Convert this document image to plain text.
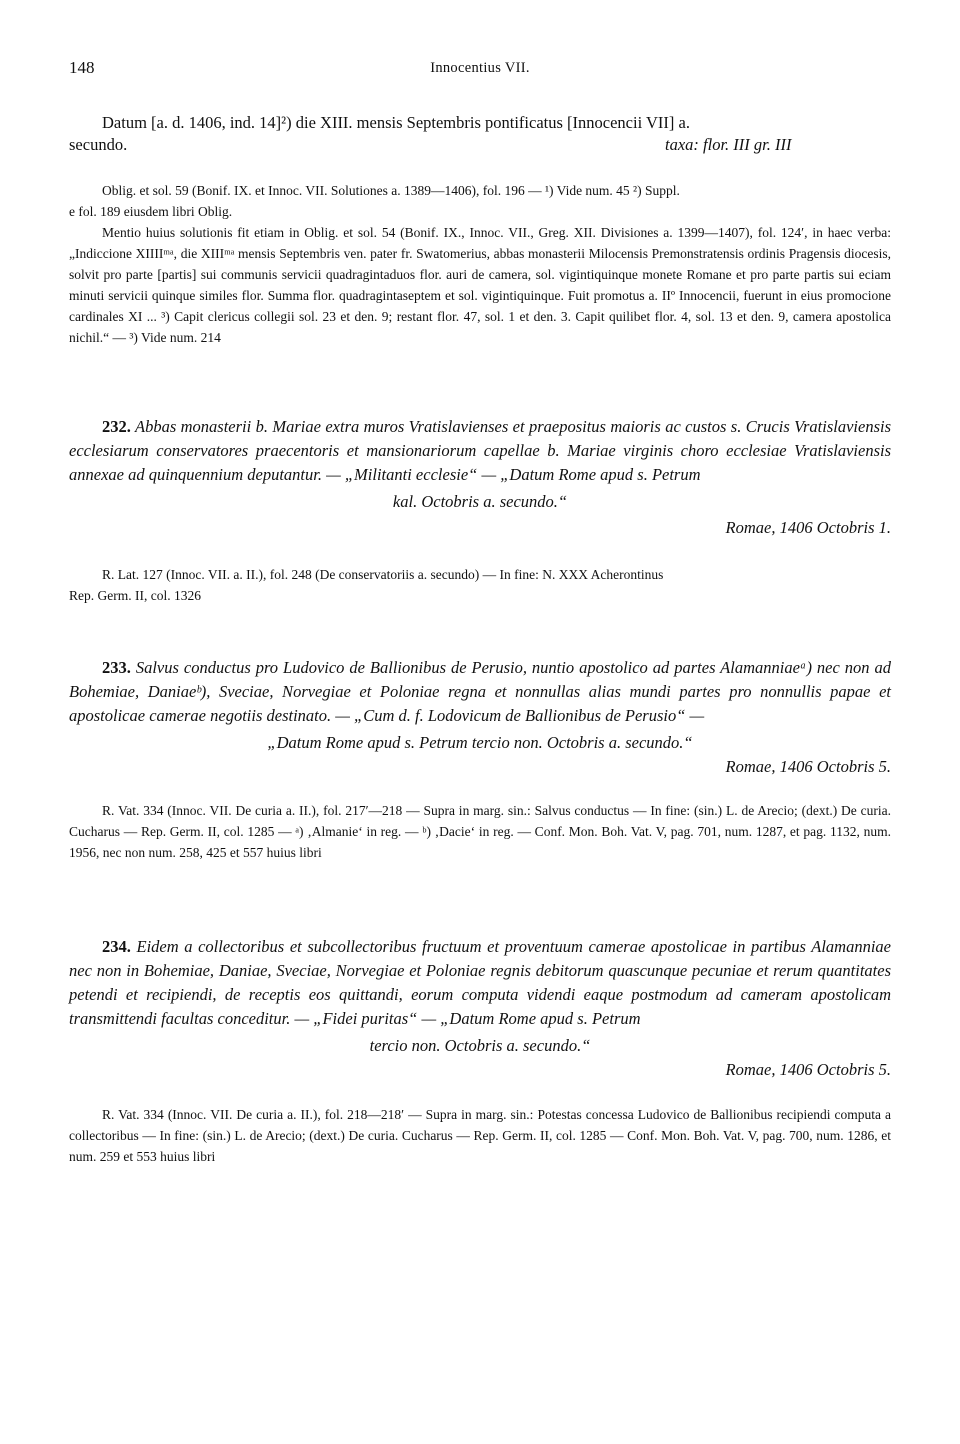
148	Innocentius VII.
Datum [a. d. 1406, ind. 14]²) die XIII. mensis Septembris pontificatus [Innocencii VII] a.
secundo.	taxa: flor. III gr. III
Oblig. et sol. 59 (Bonif. IX. et Innoc. VII. Solutiones a. 1389—1406), fol. 196 — ¹) Vide num. 45 ²) Suppl.
e fol. 189 eiusdem libri Oblig.
Mentio huius solutionis fit etiam in Oblig. et sol. 54 (Bonif. IX., Innoc. VII., Greg. XII. Divisiones a. 1399—1407), fol. 124′, in haec verba: „Indiccione XIIIIᵐᵃ, die XIIIᵐᵃ mensis Septembris ven. pater fr. Swatomerius, abbas monasterii Milocensis Premonstratensis ordinis Pragensis diocesis, solvit pro parte [partis] sui communis servicii quadragintaduos flor. auri de camera, sol. vigintiquinque monete Romane et pro parte partis sui eciam minuti servicii quinque similes flor. Summa flor. quadragintaseptem et sol. vigintiquinque. Fuit promotus a. IIº Innocencii, fuerunt in eius promocione cardinales XI ... ³) Capit clericus collegii sol. 23 et den. 9; restant flor. 47, sol. 1 et den. 3. Capit quilibet flor. 4, sol. 13 et den. 9, camera apostolica nichil.“ — ³) Vide num. 214

232. Abbas monasterii b. Mariae extra muros Vratislavienses et praepositus maioris ac custos s. Crucis Vratislaviensis ecclesiarum conservatores praecentoris et mansionariorum capellae b. Mariae virginis choro ecclesiae Vratislaviensis annexae ad quinquennium deputantur. — „Militanti ecclesie“ — „Datum Rome apud s. Petrum

kal. Octobris a. secundo.“
Romae, 1406 Octobris 1.
R. Lat. 127 (Innoc. VII. a. II.), fol. 248 (De conservatoriis a. secundo) — In fine: N. XXX Acherontinus
Rep. Germ. II, col. 1326

233. Salvus conductus pro Ludovico de Ballionibus de Perusio, nuntio apostolico ad partes Alamanniaeᵃ) nec non ad Bohemiae, Daniaeᵇ), Sveciae, Norvegiae et Poloniae regna et nonnullas alias mundi partes pro nonnullis papae et apostolicae camerae negotiis destinato. — „Cum d. f. Lodovicum de Ballionibus de Perusio“ —

„Datum Rome apud s. Petrum tercio non. Octobris a. secundo.“
Romae, 1406 Octobris 5.
R. Vat. 334 (Innoc. VII. De curia a. II.), fol. 217′—218 — Supra in marg. sin.: Salvus conductus — In fine: (sin.) L. de Arecio; (dext.) De curia. Cucharus — Rep. Germ. II, col. 1285 — ᵃ) ‚Almanie‘ in reg. — ᵇ) ‚Dacie‘ in reg. — Conf. Mon. Boh. Vat. V, pag. 701, num. 1287, et pag. 1132, num. 1956, nec non num. 258, 425 et 557 huius libri

234. Eidem a collectoribus et subcollectoribus fructuum et proventuum camerae apostolicae in partibus Alamanniae nec non in Bohemiae, Daniae, Sveciae, Norvegiae et Poloniae regnis debitorum quascunque pecuniae et rerum quantitates petendi et recipiendi, de receptis eos quittandi, eorum computa videndi eaque postmodum ad cameram apostolicam transmittendi facultas conceditur. — „Fidei puritas“ — „Datum Rome apud s. Petrum

tercio non. Octobris a. secundo.“
Romae, 1406 Octobris 5.
R. Vat. 334 (Innoc. VII. De curia a. II.), fol. 218—218′ — Supra in marg. sin.: Potestas concessa Ludovico de Ballionibus recipiendi computa a collectoribus — In fine: (sin.) L. de Arecio; (dext.) De curia. Cucharus — Rep. Germ. II, col. 1285 — Conf. Mon. Boh. Vat. V, pag. 700, num. 1286, et num. 259 et 553 huius libri
